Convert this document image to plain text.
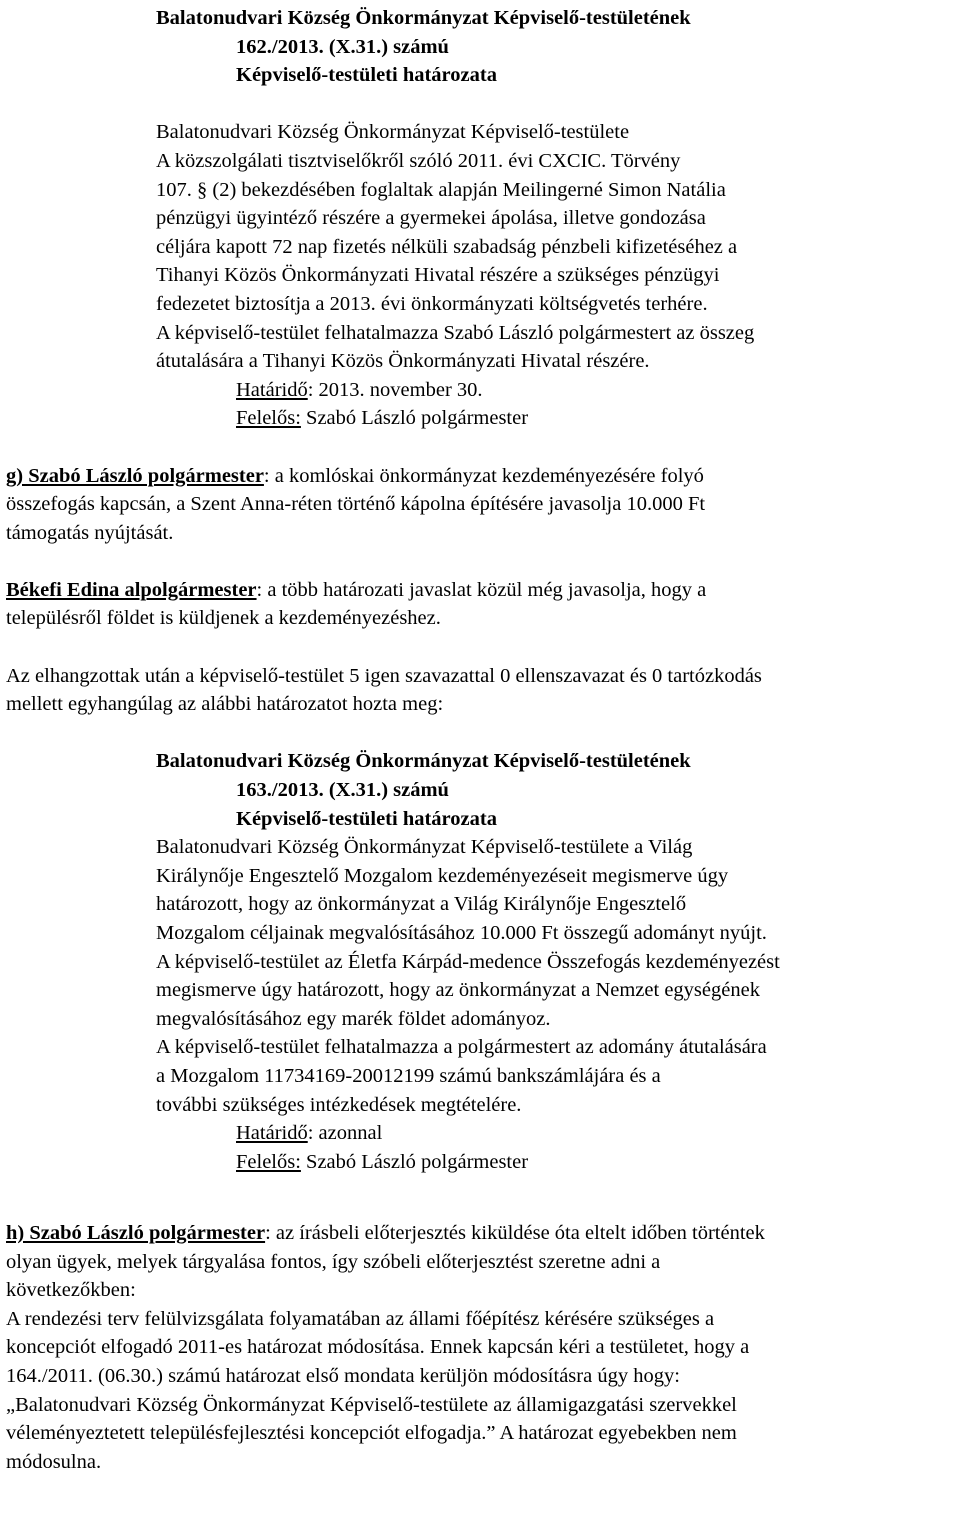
Balatonudvari Község Önkormányzat Képviselő-testületének
162./2013. (X.31.) számú
Képviselő-testületi határozata
Balatonudvari Község Önkormányzat Képviselő-testülete
A közszolgálati tisztviselőkről szóló 2011. évi CXCIC. Törvény
107. § (2) bekezdésében foglaltak alapján Meilingerné Simon Natália
pénzügyi ügyintéző részére a gyermekei ápolása, illetve gondozása
céljára kapott 72 nap fizetés nélküli szabadság pénzbeli kifizetéséhez a
Tihanyi Közös Önkormányzati Hivatal részére a szükséges pénzügyi
fedezetet biztosítja a 2013. évi önkormányzati költségvetés terhére.
A képviselő-testület felhatalmazza Szabó László polgármestert az összeg
átutalására a Tihanyi Közös Önkormányzati Hivatal részére.
Határidő: 2013. november 30.
Felelős: Szabó László polgármester
g) Szabó László polgármester: a komlóskai önkormányzat kezdeményezésére folyó
összefogás kapcsán, a Szent Anna-réten történő kápolna építésére javasolja 10.000 Ft
támogatás nyújtását.
Békefi Edina alpolgármester: a több határozati javaslat közül még javasolja, hogy a
településről földet is küldjenek a kezdeményezéshez.
Az elhangzottak után a képviselő-testület 5 igen szavazattal 0 ellenszavazat és 0 tartózkodás
mellett egyhangúlag az alábbi határozatot hozta meg:
Balatonudvari Község Önkormányzat Képviselő-testületének
163./2013. (X.31.) számú
Képviselő-testületi határozata
Balatonudvari Község Önkormányzat Képviselő-testülete a Világ
Királynője Engesztelő Mozgalom kezdeményezéseit megismerve úgy
határozott, hogy az önkormányzat a Világ Királynője Engesztelő
Mozgalom céljainak megvalósításához 10.000 Ft összegű adományt nyújt.
A képviselő-testület az Életfa Kárpád-medence Összefogás kezdeményezést
megismerve úgy határozott, hogy az önkormányzat a Nemzet egységének
megvalósításához egy marék földet adományoz.
A képviselő-testület felhatalmazza a polgármestert az adomány átutalására
a Mozgalom 11734169-20012199 számú bankszámlájára és a
további szükséges intézkedések megtételére.
Határidő: azonnal
Felelős: Szabó László polgármester
h) Szabó László polgármester: az írásbeli előterjesztés kiküldése óta eltelt időben történtek
olyan ügyek, melyek tárgyalása fontos, így szóbeli előterjesztést szeretne adni a
következőkben:
A rendezési terv felülvizsgálata folyamatában az állami főépítész kérésére szükséges a
koncepciót elfogadó 2011-es határozat módosítása. Ennek kapcsán kéri a testületet, hogy a
164./2011. (06.30.) számú határozat első mondata kerüljön módosításra úgy hogy:
„Balatonudvari Község Önkormányzat Képviselő-testülete az államigazgatási szervekkel
véleményeztetett településfejlesztési koncepciót elfogadja.” A határozat egyebekben nem
módosulna.
